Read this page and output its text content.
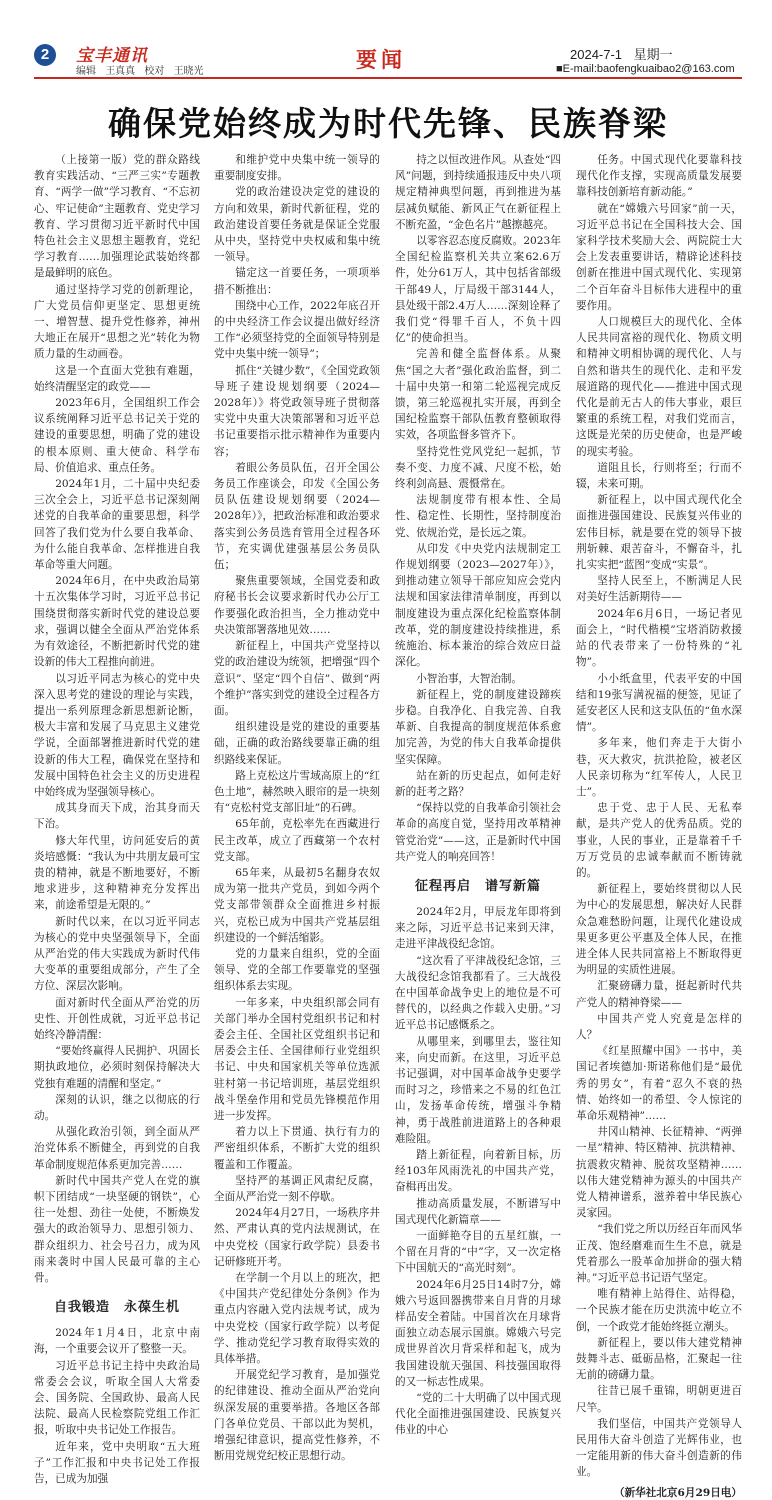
2	宝丰通讯
编辑 王真真 校对 王晓光	要闻	2024-7-1 星期一
■E-mail:baofengkuaibao2@163.com
确保党始终成为时代先锋、民族脊梁

（上接第一版）党的群众路线教育实践活动、“三严三实”专题教育、“两学一做”学习教育、“不忘初心、牢记使命”主题教育、党史学习教育、学习贯彻习近平新时代中国特色社会主义思想主题教育，党纪学习教育……加强理论武装始终都是最鲜明的底色。

通过坚持学习党的创新理论，广大党员信仰更坚定、思想更统一、增智慧、提升党性修养，神州大地正在展开“思想之光”转化为物质力量的生动画卷。

这是一个直面大党独有难题，始终清醒坚定的政党——

2023年6月，全国组织工作会议系统阐释习近平总书记关于党的建设的重要思想，明确了党的建设的根本原则、重大使命、科学布局、价值追求、重点任务。

2024年1月，二十届中央纪委三次全会上，习近平总书记深刻阐述党的自我革命的重要思想，科学回答了我们党为什么要自我革命、为什么能自我革命、怎样推进自我革命等重大问题。

2024年6月，在中央政治局第十五次集体学习时，习近平总书记围绕贯彻落实新时代党的建设总要求，强调以健全全面从严治党体系为有效途径，不断把新时代党的建设新的伟大工程推向前进。

以习近平同志为核心的党中央深入思考党的建设的理论与实践，提出一系列原理念新思想新论断，极大丰富和发展了马克思主义建党学说，全面部署推进新时代党的建设新的伟大工程，确保党在坚持和发展中国特色社会主义的历史进程中始终成为坚强领导核心。

成其身而天下成，治其身而天下治。

修大年代里，访问延安后的黄炎培感慨：“我认为中共朋友最可宝贵的精神，就是不断地要好，不断地求进步，这种精神充分发挥出来，前途希望是无限的。”

新时代以来，在以习近平同志为核心的党中央坚强领导下，全面从严治党的伟大实践成为新时代伟大变革的重要组成部分，产生了全方位、深层次影响。

面对新时代全面从严治党的历史性、开创性成就，习近平总书记始终冷静清醒：

“要始终赢得人民拥护、巩固长期执政地位，必须时刻保持解决大党独有难题的清醒和坚定。”

深刻的认识，继之以彻底的行动。

从强化政治引领，到全面从严治党体系不断健全，再到党的自我革命制度规范体系更加完善……

新时代中国共产党人在党的旗帜下团结成“一块坚硬的钢铁”，心往一处想、劲往一处使，不断焕发强大的政治领导力、思想引领力、群众组织力、社会号召力，成为风雨来袭时中国人民最可靠的主心骨。

自我锻造　永葆生机

2024年1月4日，北京中南海，一个重要会议开了整整一天。

习近平总书记主持中央政治局常委会会议，听取全国人大常委会、国务院、全国政协、最高人民法院、最高人民检察院党组工作汇报，听取中央书记处工作报告。

近年来，党中央明取“五大班子”工作汇报和中央书记处工作报告，已成为加强

和维护党中央集中统一领导的重要制度安排。

党的政治建设决定党的建设的方向和效果，新时代新征程，党的政治建设首要任务就是保证全党服从中央，坚持党中央权威和集中统一领导。

锚定这一首要任务，一项项举措不断推出：

围绕中心工作，2022年底召开的中央经济工作会议提出做好经济工作“必须坚持党的全面领导特别是党中央集中统一领导”；

抓住“关键少数”，《全国党政领导班子建设规划纲要（2024—2028年）》将党政领导班子贯彻落实党中央重大决策部署和习近平总书记重要指示批示精神作为重要内容；

着眼公务员队伍，召开全国公务员工作座谈会，印发《全国公务员队伍建设规划纲要（2024—2028年）》，把政治标准和政治要求落实到公务员选育管用全过程各环节，充实调优建强基层公务员队伍；

聚焦重要领域，全国党委和政府秘书长会议要求新时代办公厅工作要强化政治担当，全力推动党中央决策部署落地见效……

新征程上，中国共产党坚持以党的政治建设为统领，把增强“四个意识”、坚定“四个自信”、做到“两个维护”落实到党的建设全过程各方面。

组织建设是党的建设的重要基础，正确的政治路线要靠正确的组织路线来保证。

路上克松这片雪域高原上的“红色土地”，赫然映入眼帘的是一块刻有“克松村党支部旧址”的石碑。

65年前，克松率先在西藏进行民主改革，成立了西藏第一个农村党支部。

65年来，从最初5名翻身农奴成为第一批共产党员，到如今两个党支部带领群众全面推进乡村振兴，克松已成为中国共产党基层组织建设的一个鲜活缩影。

党的力量来自组织，党的全面领导、党的全部工作要靠党的坚强组织体系去实现。

一年多来，中央组织部会同有关部门举办全国村党组织书记和村委会主任、全国社区党组织书记和居委会主任、全国律师行业党组织书记、中央和国家机关等单位选派驻村第一书记培训班，基层党组织战斗堡垒作用和党员先锋模范作用进一步发挥。

着力以上下贯通、执行有力的严密组织体系，不断扩大党的组织覆盖和工作覆盖。

坚持严的基调正风肃纪反腐，全面从严治党一刻不停歇。

2024年4月27日，一场秩序井然、严肃认真的党内法规测试，在中央党校（国家行政学院）县委书记研修班开考。

在学制一个月以上的班次，把《中国共产党纪律处分条例》作为重点内容融入党内法规考试，成为中央党校（国家行政学院）以考促学、推动党纪学习教育取得实效的具体举措。

开展党纪学习教育，是加强党的纪律建设、推动全面从严治党向纵深发展的重要举措。各地区各部门各单位党员、干部以此为契机，增强纪律意识，提高党性修养，不断用党规党纪校正思想行动。

持之以恒改进作风。从查处“四风”问题，到持续通报违反中央八项规定精神典型问题，再到推进为基层减负赋能、新风正气在新征程上不断充盈，“金色名片”越擦越亮。

以零容忍态度反腐败。2023年全国纪检监察机关共立案62.6万件，处分61万人，其中包括省部级干部49人，厅局级干部3144人，县处级干部2.4万人……深刻诠释了我们党“得罪千百人，不负十四亿”的使命担当。

完善和健全监督体系。从聚焦“国之大者”强化政治监督，到二十届中央第一和第二轮巡视完成反馈，第三轮巡视扎实开展，再到全国纪检监察干部队伍教育整顿取得实效，各项监督多管齐下。

坚持党性党风党纪一起抓，节奏不变、力度不减、尺度不松，始终利剑高悬、震慑常在。

法规制度带有根本性、全局性、稳定性、长期性，坚持制度治党、依规治党，是长远之策。

从印发《中央党内法规制定工作规划纲要（2023—2027年）》，到推动建立领导干部应知应会党内法规和国家法律清单制度，再到以制度建设为重点深化纪检监察体制改革，党的制度建设持续推进，系统施治、标本兼治的综合效应日益深化。

小智治事，大智治制。

新征程上，党的制度建设蹄疾步稳。自我净化、自我完善、自我革新、自我提高的制度规范体系愈加完善，为党的伟大自我革命提供坚实保障。

站在新的历史起点，如何走好新的赶考之路？

“保持以党的自我革命引领社会革命的高度自觉，坚持用改革精神管党治党”——这，正是新时代中国共产党人的响亮回答！

征程再启　谱写新篇

2024年2月，甲辰龙年即将到来之际，习近平总书记来到天津，走进平津战役纪念馆。

“这次看了平津战役纪念馆，三大战役纪念馆我都看了。三大战役在中国革命战争史上的地位是不可替代的，以经典之作载入史册。”习近平总书记感慨系之。

从哪里来，到哪里去，鉴往知来，向史而新。在这里，习近平总书记强调，对中国革命战争史要学而时习之，珍惜来之不易的红色江山，发扬革命传统，增强斗争精神，勇于战胜前进道路上的各种艰难险阻。

踏上新征程，向着新目标，历经103年风雨洗礼的中国共产党，奋楫再出发。

推动高质量发展，不断谱写中国式现代化新篇章——

一面鲜艳夺目的五星红旗，一个留在月背的“中”字，又一次定格下中国航天的“高光时刻”。

2024年6月25日14时7分，嫦娥六号返回器携带来自月背的月球样品安全着陆。中国首次在月球背面独立动态展示国旗。嫦娥六号完成世界首次月背采样和起飞，成为我国建设航天强国、科技强国取得的又一标志性成果。

“党的二十大明确了以中国式现代化全面推进强国建设、民族复兴伟业的中心

任务。中国式现代化要靠科技现代化作支撑，实现高质量发展要靠科技创新培育新动能。”

就在“嫦娥六号回家”前一天，习近平总书记在全国科技大会、国家科学技术奖励大会、两院院士大会上发表重要讲话，精辟论述科技创新在推进中国式现代化、实现第二个百年奋斗目标伟大进程中的重要作用。

人口规模巨大的现代化、全体人民共同富裕的现代化、物质文明和精神文明相协调的现代化、人与自然和谐共生的现代化、走和平发展道路的现代化——推进中国式现代化是前无古人的伟大事业，艰巨繁重的系统工程，对我们党而言，这既是光荣的历史使命，也是严峻的现实考验。

道阻且长，行则将至；行而不辍，未来可期。

新征程上，以中国式现代化全面推进强国建设、民族复兴伟业的宏伟目标，就是要在党的领导下披荆斩棘、艰苦奋斗，不懈奋斗，扎扎实实把“蓝图”变成“实景”。

坚持人民至上，不断满足人民对美好生活新期待——

2024年6月6日，一场记者见面会上，“时代楷模”宝塔消防救援站的代表带来了一份特殊的“礼物”。

小小纸盒里，代表平安的中国结和19张写满祝福的便签，见证了延安老区人民和这支队伍的“鱼水深情”。

多年来，他们奔走于大街小巷，灭大救灾，抗洪抢险，被老区人民亲切称为“红军传人，人民卫士”。

忠于党、忠于人民、无私奉献，是共产党人的优秀品质。党的事业，人民的事业，正是靠着千千万万党员的忠诚奉献而不断铸就的。

新征程上，要始终贯彻以人民为中心的发展思想，解决好人民群众急难愁盼问题，让现代化建设成果更多更公平惠及全体人民，在推进全体人民共同富裕上不断取得更为明显的实质性进展。

汇聚磅礴力量，挺起新时代共产党人的精神脊梁——

中国共产党人究竟是怎样的人？

《红星照耀中国》一书中，美国记者埃德加·斯诺称他们是“最优秀的男女”，有着“忍久不衰的热情、始终如一的希望、令人惊诧的革命乐观精神”……

井冈山精神、长征精神、“两弹一星”精神、特区精神、抗洪精神、抗震救灾精神、脱贫攻坚精神……以伟大建党精神为源头的中国共产党人精神谱系，滋养着中华民族心灵家园。

“我们党之所以历经百年而风华正茂、饱经磨难而生生不息，就是凭着那么一股革命加拼命的强大精神。”习近平总书记语气坚定。

唯有精神上站得住、站得稳，一个民族才能在历史洪流中屹立不倒，一个政党才能始终挺立潮头。

新征程上，要以伟大建党精神鼓舞斗志、砥砺品格，汇聚起一往无前的磅礴力量。

往昔已展千重锦，明朝更进百尺竿。

我们坚信，中国共产党领导人民用伟大奋斗创造了光辉伟业，也一定能用新的伟大奋斗创造新的伟业。

（新华社北京6月29日电）
